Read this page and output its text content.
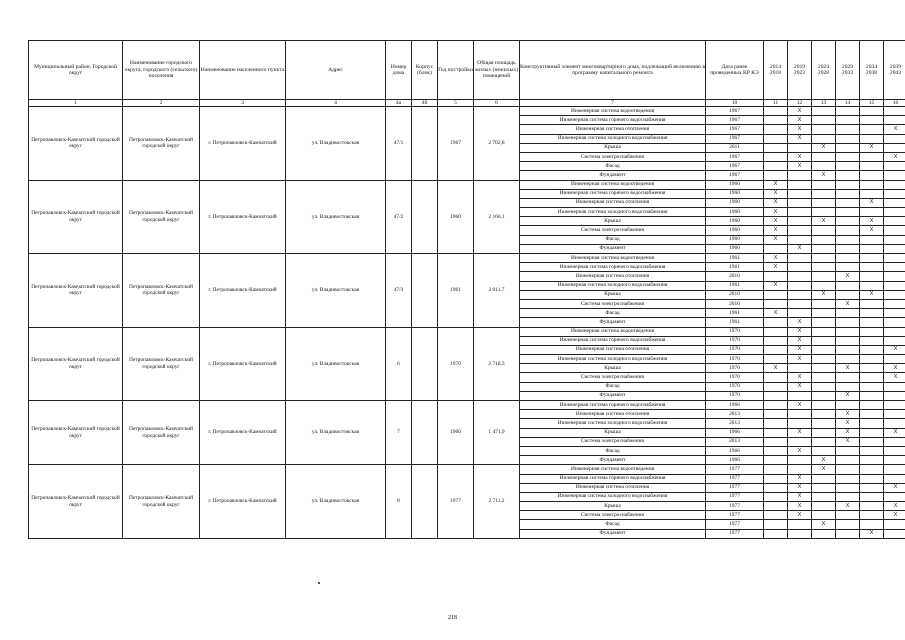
Муниципальный район, Городской округ	Наименование городского округа, городского (сельского) поселения	Наименование населенного пункта	Адрес	Номер дома	Корпус (блок)	Год постройки	Общая площадь жилых (нежилых) помещений	Конструктивный элемент многоквартирного дома, подлежащий включению в программу капитального ремонта	Дата ранее проведенных КР КЭ	2014 2018	2019 2023	2024 2028	2029 2033	2034 2038	2039 2043
1	2	3	4	4а	4б	5	6	7	10	11	12	13	14	15	16
Петропавловск-Камчатский городской округ	Петропавловск-Камчатский городской округ	г. Петропавловск-Камчатский	ул. Владивостокская	47/1		1967	2 702,8	Инженерная система водоотведения	1967		X				
								Инженерная система горячего водоснабжения	1967		X				
								Инженерная система отопления	1967		X				X
								Инженерная система холодного водоснабжения	1967		X				
								Крыша	2011			X		X	
								Система электроснабжения	1967		X				X
								Фасад	1967		X				
								Фундамент	1967			X			
Петропавловск-Камчатский городской округ	Петропавловск-Камчатский городской округ	г. Петропавловск-Камчатский	ул. Владивостокская	47/2		1960	2 166,1	Инженерная система водоотведения	1960	X					
								Инженерная система горячего водоснабжения	1960	X					
								Инженерная система отопления	1960	X				X	
								Инженерная система холодного водоснабжения	1960	X					
								Крыша	1960	X		X		X	
								Система электроснабжения	1960	X				X	
								Фасад	1960	X					
								Фундамент	1960		X				
Петропавловск-Камчатский городской округ	Петропавловск-Камчатский городской округ	г. Петропавловск-Камчатский	ул. Владивостокская	47/3		1961	2 011,7	Инженерная система водоотведения	1961	X					
								Инженерная система горячего водоснабжения	1961	X					
								Инженерная система отопления	2010				X		
								Инженерная система холодного водоснабжения	1961	X					
								Крыша	2010			X		X	
								Система электроснабжения	2010				X		
								Фасад	1961	X					
								Фундамент	1961		X				
Петропавловск-Камчатский городской округ	Петропавловск-Камчатский городской округ	г. Петропавловск-Камчатский	ул. Владивостокская	6		1970	2 718,3	Инженерная система водоотведения	1970		X				
								Инженерная система горячего водоснабжения	1970		X				
								Инженерная система отопления	1970		X				X
								Инженерная система холодного водоснабжения	1970		X				
								Крыша	1970	X			X		X
								Система электроснабжения	1970		X				X
								Фасад	1970		X				
								Фундамент	1970				X		
Петропавловск-Камчатский городской округ	Петропавловск-Камчатский городской округ	г. Петропавловск-Камчатский	ул. Владивостокская	7		1966	1 471,9	Инженерная система горячего водоснабжения	1966		X				
								Инженерная система отопления	2013				X		
								Инженерная система холодного водоснабжения	2013				X		
								Крыша	1966		X		X		X
								Система электроснабжения	2013				X		
								Фасад	1966		X				
								Фундамент	1966			X			
Петропавловск-Камчатский городской округ	Петропавловск-Камчатский городской округ	г. Петропавловск-Камчатский	ул. Владивостокская	8		1977	2 711,2	Инженерная система водоотведения	1977			X			
								Инженерная система горячего водоснабжения	1977		X				
								Инженерная система отопления	1977		X				X
								Инженерная система холодного водоснабжения	1977		X				
								Крыша	1977		X		X		X
								Система электроснабжения	1977		X				X
								Фасад	1977			X			
								Фундамент	1977					X	
218
